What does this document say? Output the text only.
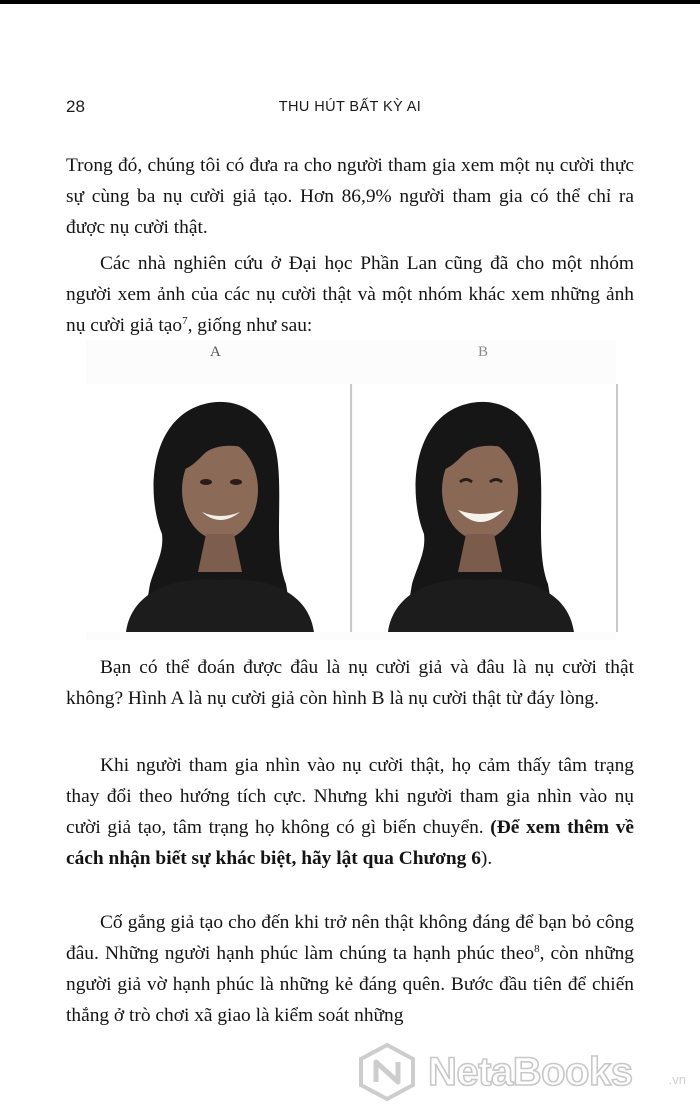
28	THU HÚT BẤT KỲ AI

Trong đó, chúng tôi có đưa ra cho người tham gia xem một nụ cười thực sự cùng ba nụ cười giả tạo. Hơn 86,9% người tham gia có thể chỉ ra được nụ cười thật.

Các nhà nghiên cứu ở Đại học Phần Lan cũng đã cho một nhóm người xem ảnh của các nụ cười thật và một nhóm khác xem những ảnh nụ cười giả tạo$^7$, giống như sau:

A	B

Bạn có thể đoán được đâu là nụ cười giả và đâu là nụ cười thật không? Hình A là nụ cười giả còn hình B là nụ cười thật từ đáy lòng.

Khi người tham gia nhìn vào nụ cười thật, họ cảm thấy tâm trạng thay đổi theo hướng tích cực. Nhưng khi người tham gia nhìn vào nụ cười giả tạo, tâm trạng họ không có gì biến chuyển. (Để xem thêm về cách nhận biết sự khác biệt, hãy lật qua Chương 6).

Cố gắng giả tạo cho đến khi trở nên thật không đáng để bạn bỏ công đâu. Những người hạnh phúc làm chúng ta hạnh phúc theo$^8$, còn những người giả vờ hạnh phúc là những kẻ đáng quên. Bước đầu tiên để chiến thắng ở trò chơi xã giao là kiểm soát những

NetaBooks	.vn
